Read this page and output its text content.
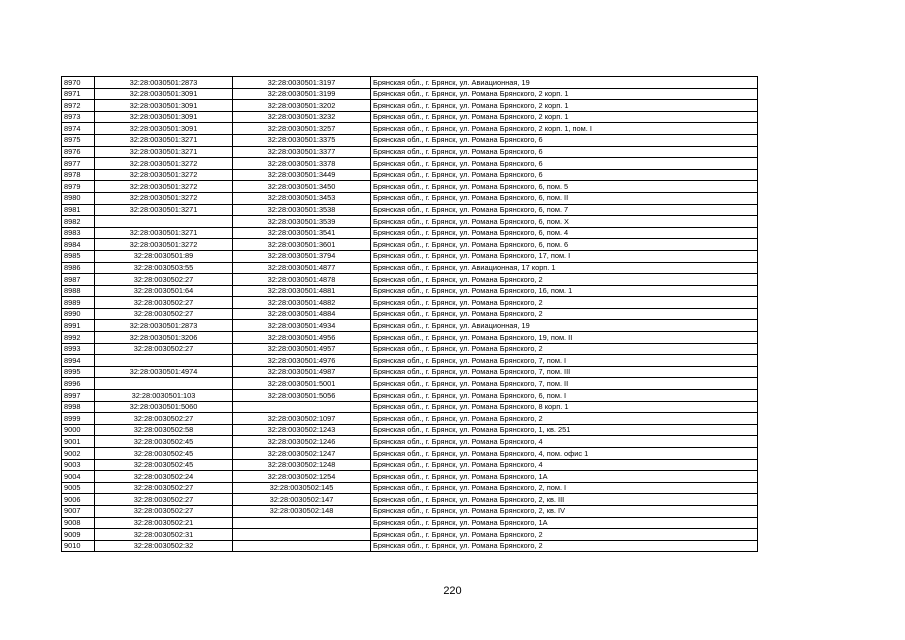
8970	32:28:0030501:2873	32:28:0030501:3197	Брянская обл., г. Брянск, ул. Авиационная, 19
8971	32:28:0030501:3091	32:28:0030501:3199	Брянская обл., г. Брянск, ул. Романа Брянского, 2 корп. 1
8972	32:28:0030501:3091	32:28:0030501:3202	Брянская обл., г. Брянск, ул. Романа Брянского, 2 корп. 1
8973	32:28:0030501:3091	32:28:0030501:3232	Брянская обл., г. Брянск, ул. Романа Брянского, 2 корп. 1
8974	32:28:0030501:3091	32:28:0030501:3257	Брянская обл., г. Брянск, ул. Романа Брянского, 2 корп. 1, пом. I
8975	32:28:0030501:3271	32:28:0030501:3375	Брянская обл., г. Брянск, ул. Романа Брянского, 6
8976	32:28:0030501:3271	32:28:0030501:3377	Брянская обл., г. Брянск, ул. Романа Брянского, 6
8977	32:28:0030501:3272	32:28:0030501:3378	Брянская обл., г. Брянск, ул. Романа Брянского, 6
8978	32:28:0030501:3272	32:28:0030501:3449	Брянская обл., г. Брянск, ул. Романа Брянского, 6
8979	32:28:0030501:3272	32:28:0030501:3450	Брянская обл., г. Брянск, ул. Романа Брянского, 6, пом. 5
8980	32:28:0030501:3272	32:28:0030501:3453	Брянская обл., г. Брянск, ул. Романа Брянского, 6, пом. II
8981	32:28:0030501:3271	32:28:0030501:3538	Брянская обл., г. Брянск, ул. Романа Брянского, 6, пом. 7
8982		32:28:0030501:3539	Брянская обл., г. Брянск, ул. Романа Брянского, 6, пом. X
8983	32:28:0030501:3271	32:28:0030501:3541	Брянская обл., г. Брянск, ул. Романа Брянского, 6, пом. 4
8984	32:28:0030501:3272	32:28:0030501:3601	Брянская обл., г. Брянск, ул. Романа Брянского, 6, пом. 6
8985	32:28:0030501:89	32:28:0030501:3794	Брянская обл., г. Брянск, ул. Романа Брянского, 17, пом. I
8986	32:28:0030503:55	32:28:0030501:4877	Брянская обл., г. Брянск, ул. Авиационная, 17 корп. 1
8987	32:28:0030502:27	32:28:0030501:4878	Брянская обл., г. Брянск, ул. Романа Брянского, 2
8988	32:28:0030501:64	32:28:0030501:4881	Брянская обл., г. Брянск, ул. Романа Брянского, 16, пом. 1
8989	32:28:0030502:27	32:28:0030501:4882	Брянская обл., г. Брянск, ул. Романа Брянского, 2
8990	32:28:0030502:27	32:28:0030501:4884	Брянская обл., г. Брянск, ул. Романа Брянского, 2
8991	32:28:0030501:2873	32:28:0030501:4934	Брянская обл., г. Брянск, ул. Авиационная, 19
8992	32:28:0030501:3206	32:28:0030501:4956	Брянская обл., г. Брянск, ул. Романа Брянского, 19, пом. II
8993	32:28:0030502:27	32:28:0030501:4957	Брянская обл., г. Брянск, ул. Романа Брянского, 2
8994		32:28:0030501:4976	Брянская обл., г. Брянск, ул. Романа Брянского, 7, пом. I
8995	32:28:0030501:4974	32:28:0030501:4987	Брянская обл., г. Брянск, ул. Романа Брянского, 7, пом. III
8996		32:28:0030501:5001	Брянская обл., г. Брянск, ул. Романа Брянского, 7, пом. II
8997	32:28:0030501:103	32:28:0030501:5056	Брянская обл., г. Брянск, ул. Романа Брянского, 6, пом. I
8998	32:28:0030501:5060		Брянская обл., г. Брянск, ул. Романа Брянского, 8 корп. 1
8999	32:28:0030502:27	32:28:0030502:1097	Брянская обл., г. Брянск, ул. Романа Брянского, 2
9000	32:28:0030502:58	32:28:0030502:1243	Брянская обл., г. Брянск, ул. Романа Брянского, 1, кв. 251
9001	32:28:0030502:45	32:28:0030502:1246	Брянская обл., г. Брянск, ул. Романа Брянского, 4
9002	32:28:0030502:45	32:28:0030502:1247	Брянская обл., г. Брянск, ул. Романа Брянского, 4, пом. офис 1
9003	32:28:0030502:45	32:28:0030502:1248	Брянская обл., г. Брянск, ул. Романа Брянского, 4
9004	32:28:0030502:24	32:28:0030502:1254	Брянская обл., г. Брянск, ул. Романа Брянского, 1А
9005	32:28:0030502:27	32:28:0030502:145	Брянская обл., г. Брянск, ул. Романа Брянского, 2, пом. I
9006	32:28:0030502:27	32:28:0030502:147	Брянская обл., г. Брянск, ул. Романа Брянского, 2, кв. III
9007	32:28:0030502:27	32:28:0030502:148	Брянская обл., г. Брянск, ул. Романа Брянского, 2, кв. IV
9008	32:28:0030502:21		Брянская обл., г. Брянск, ул. Романа Брянского, 1А
9009	32:28:0030502:31		Брянская обл., г. Брянск, ул. Романа Брянского, 2
9010	32:28:0030502:32		Брянская обл., г. Брянск, ул. Романа Брянского, 2
220
